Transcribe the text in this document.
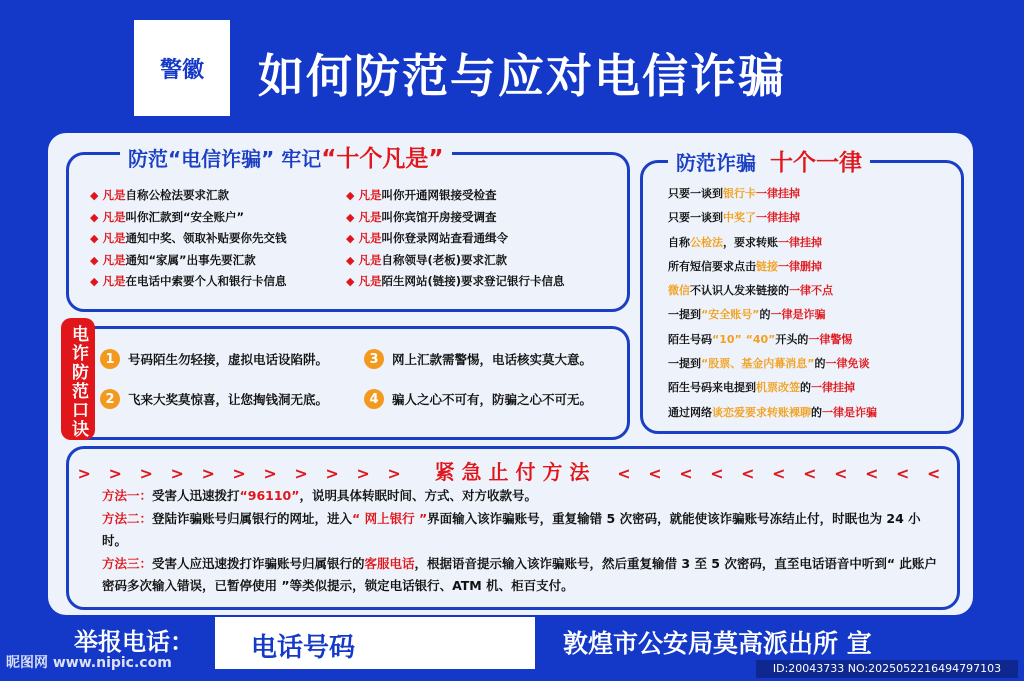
警徽 如何防范与应对电信诈骗
防范“电信诈骗” 牢记“十个凡是”
◆ 凡是自称公检法要求汇款
◆ 凡是叫你汇款到“安全账户”
◆ 凡是通知中奖、领取补贴要你先交钱
◆ 凡是通知“家属”出事先要汇款
◆ 凡是在电话中索要个人和银行卡信息
◆ 凡是叫你开通网银接受检查
◆ 凡是叫你宾馆开房接受调查
◆ 凡是叫你登录网站查看通缉令
◆ 凡是自称领导(老板)要求汇款
◆ 凡是陌生网站(链接)要求登记银行卡信息
防范诈骗 十个一律
只要一谈到银行卡一律挂掉
只要一谈到中奖了一律挂掉
自称公检法，要求转账一律挂掉
所有短信要求点击链接一律删掉
微信不认识人发来链接的一律不点
一提到“安全账号”的一律是诈骗
陌生号码“10” “40”开头的一律警惕
一提到“股票、基金内幕消息”的一律免谈
陌生号码来电提到机票改签的一律挂掉
通过网络谈恋爱要求转账裸聊的一律是诈骗
电诈防范口诀	1	号码陌生勿轻接，虚拟电话设陷阱。
2	飞来大奖莫惊喜，让您掏钱洞无底。
3	网上汇款需警惕，电话核实莫大意。
4	骗人之心不可有，防骗之心不可无。
> > > > > > > > > > > 紧 急 止 付 方 法 < < < < < < < < < < <
方法一：受害人迅速拨打“96110”，说明具体转眠时间、方式、对方收款号。
方法二：登陆诈骗账号归属银行的网址，进入“ 网上银行 ”界面输入该诈骗账号，重复输错 5 次密码，就能使该诈骗账号冻结止付，时眠也为 24 小时。
方法三：受害人应迅速拨打诈骗账号归属银行的客服电话，根据语音提示输入该诈骗账号，然后重复输借 3 至 5 次密码，直至电话语音中听到“ 此账户密码多次输入错误，已暂停使用 ”等类似提示，锁定电话银行、ATM 机、柜百支付。
举报电话： 电话号码	敦煌市公安局莫高派出所 宣
昵图网 www.nipic.com	ID:20043733 NO:20250522164947971​03
